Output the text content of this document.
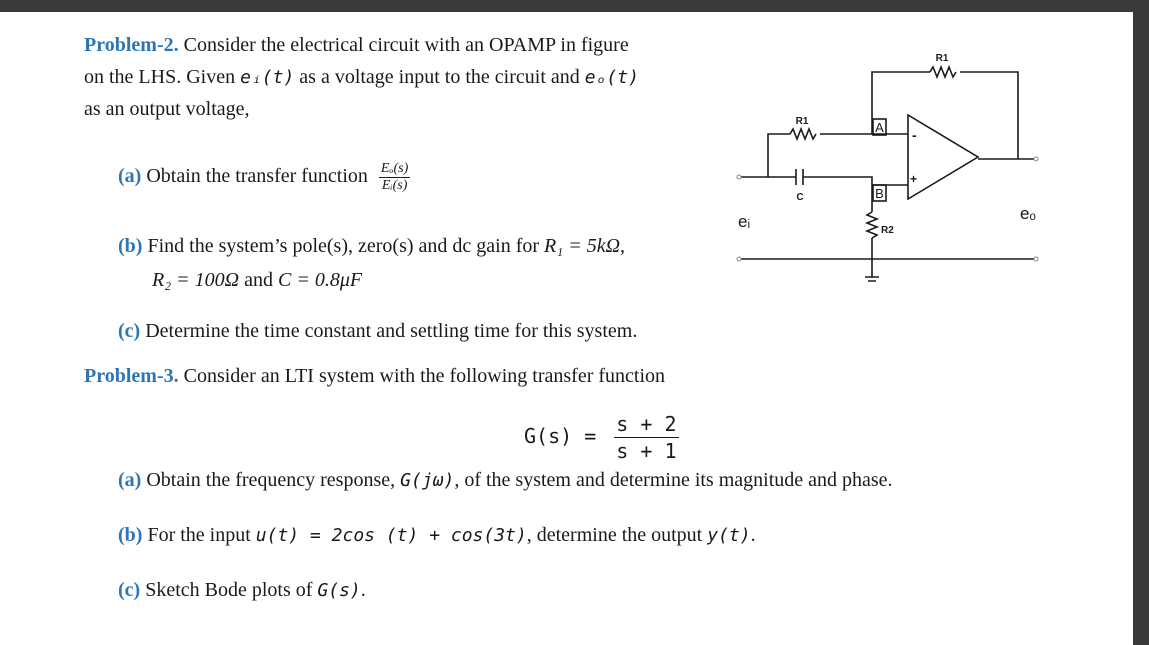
Problem-2. Consider the electrical circuit with an OPAMP in figure
on the LHS. Given eᵢ(t) as a voltage input to the circuit and eₒ(t)
as an output voltage,
(a) Obtain the transfer function $\frac{\text{Eₒ(s)}}{\text{Eᵢ(s)}}$
(b) Find the system’s pole(s), zero(s) and dc gain for R₁ = 5kΩ,
R₂ = 100Ω and C = 0.8μF
(c) Determine the time constant and settling time for this system.
R1
R1
C
A
B
R2
eᵢ	eₒ
-
+
Problem-3. Consider an LTI system with the following transfer function
$G(s) = \frac{s + 2}{s + 1}$
(a) Obtain the frequency response, G(jω), of the system and determine its magnitude and phase.
(b) For the input u(t) = 2cos (t) + cos(3t), determine the output y(t).
(c) Sketch Bode plots of G(s).
